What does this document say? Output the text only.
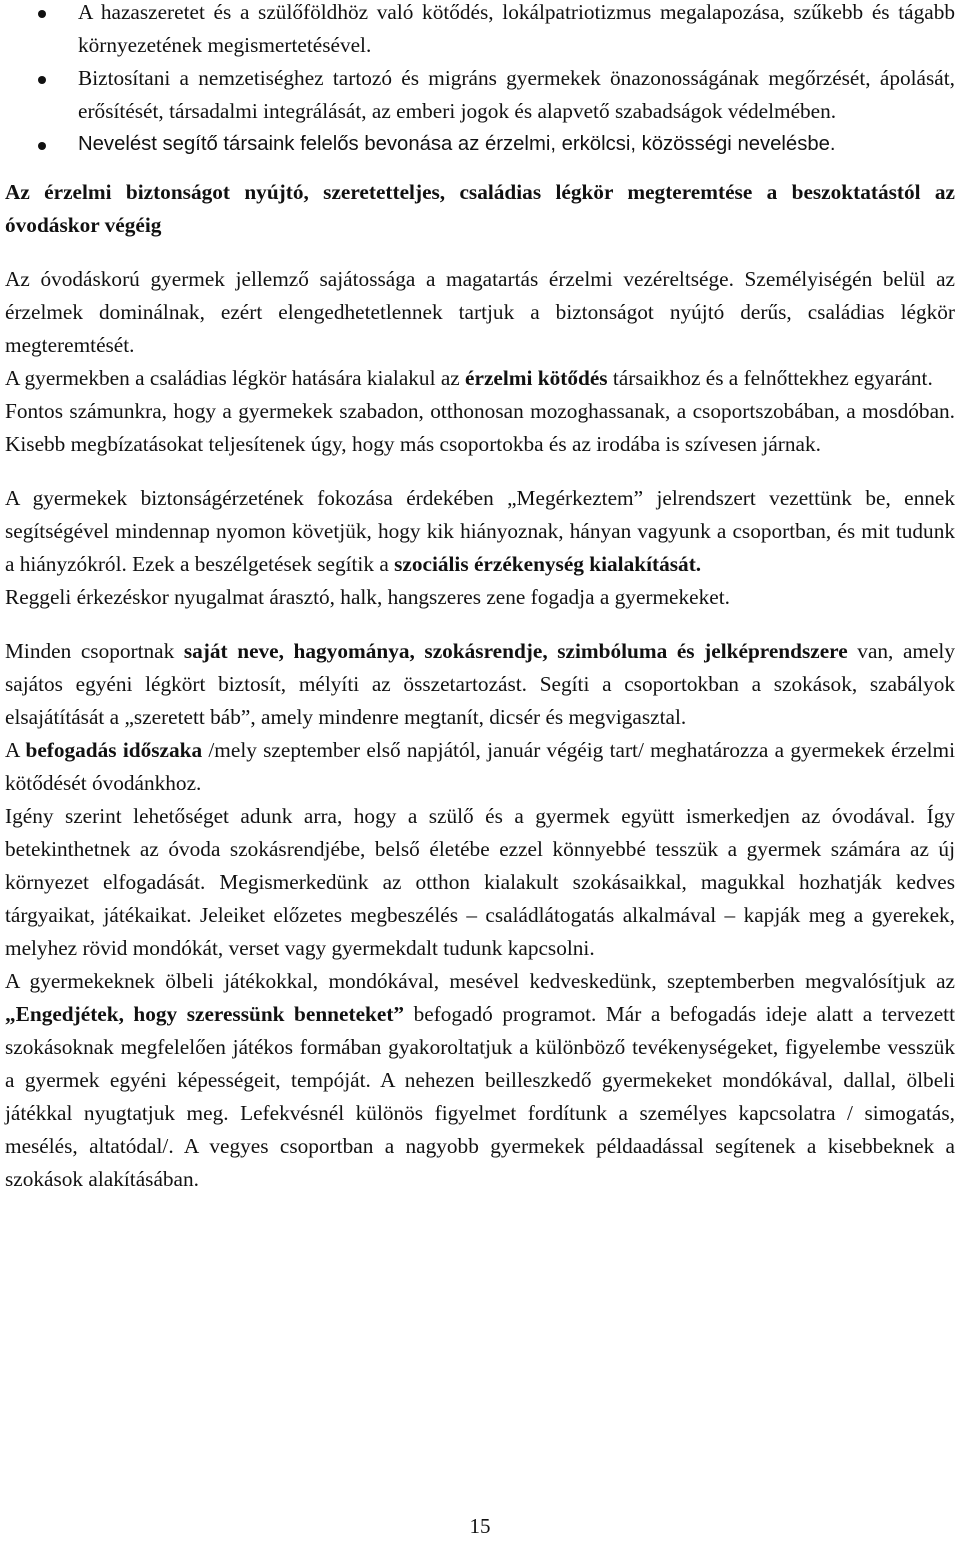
A hazaszeretet és a szülőföldhöz való kötődés, lokálpatriotizmus megalapozása, szűkebb és tágabb környezetének megismertetésével.
Biztosítani a nemzetiséghez tartozó és migráns gyermekek önazonosságának megőrzését, ápolását, erősítését, társadalmi integrálását, az emberi jogok és alapvető szabadságok védelmében.
Nevelést segítő társaink felelős bevonása az érzelmi, erkölcsi, közösségi nevelésbe.

Az érzelmi biztonságot nyújtó, szeretetteljes, családias légkör megteremtése a beszoktatástól az óvodáskor végéig

Az óvodáskorú gyermek jellemző sajátossága a magatartás érzelmi vezéreltsége. Személyiségén belül az érzelmek dominálnak, ezért elengedhetetlennek tartjuk a biztonságot nyújtó derűs, családias légkör megteremtését.

A gyermekben a családias légkör hatására kialakul az érzelmi kötődés társaikhoz és a felnőttekhez egyaránt.

Fontos számunkra, hogy a gyermekek szabadon, otthonosan mozoghassanak, a csoportszobában, a mosdóban. Kisebb megbízatásokat teljesítenek úgy, hogy más csoportokba és az irodába is szívesen járnak.

A gyermekek biztonságérzetének fokozása érdekében „Megérkeztem” jelrendszert vezettünk be, ennek segítségével mindennap nyomon követjük, hogy kik hiányoznak, hányan vagyunk a csoportban, és mit tudunk a hiányzókról. Ezek a beszélgetések segítik a szociális érzékenység kialakítását.

Reggeli érkezéskor nyugalmat árasztó, halk, hangszeres zene fogadja a gyermekeket.

Minden csoportnak saját neve, hagyománya, szokásrendje, szimbóluma és jelképrendszere van, amely sajátos egyéni légkört biztosít, mélyíti az összetartozást. Segíti a csoportokban a szokások, szabályok elsajátítását a „szeretett báb”, amely mindenre megtanít, dicsér és megvigasztal.

A befogadás időszaka /mely szeptember első napjától, január végéig tart/ meghatározza a gyermekek érzelmi kötődését óvodánkhoz.

Igény szerint lehetőséget adunk arra, hogy a szülő és a gyermek együtt ismerkedjen az óvodával. Így betekinthetnek az óvoda szokásrendjébe, belső életébe ezzel könnyebbé tesszük a gyermek számára az új környezet elfogadását. Megismerkedünk az otthon kialakult szokásaikkal, magukkal hozhatják kedves tárgyaikat, játékaikat. Jeleiket előzetes megbeszélés – családlátogatás alkalmával – kapják meg a gyerekek, melyhez rövid mondókát, verset vagy gyermekdalt tudunk kapcsolni.

A gyermekeknek ölbeli játékokkal, mondókával, mesével kedveskedünk, szeptemberben megvalósítjuk az „Engedjétek, hogy szeressünk benneteket” befogadó programot. Már a befogadás ideje alatt a tervezett szokásoknak megfelelően játékos formában gyakoroltatjuk a különböző tevékenységeket, figyelembe vesszük a gyermek egyéni képességeit, tempóját. A nehezen beilleszkedő gyermekeket mondókával, dallal, ölbeli játékkal nyugtatjuk meg. Lefekvésnél különös figyelmet fordítunk a személyes kapcsolatra / simogatás, mesélés, altatódal/. A vegyes csoportban a nagyobb gyermekek példaadással segítenek a kisebbeknek a szokások alakításában.

15
